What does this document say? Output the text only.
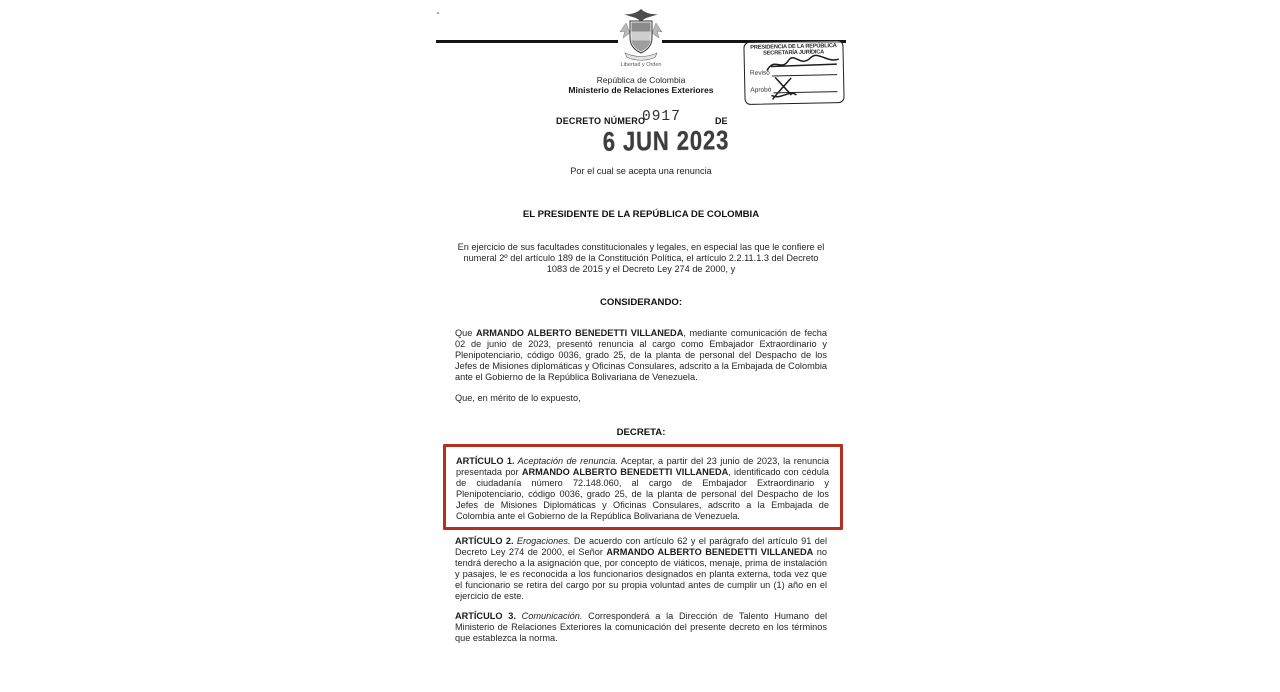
Libertad y Orden
República de Colombia
Ministerio de Relaciones Exteriores
PRESIDENCIA DE LA REPÚBLICA
SECRETARÍA JURÍDICA
Revisó
Aprobó
DECRETO NÚMERO
0917	DE
6 JUN 2023
Por el cual se acepta una renuncia
EL PRESIDENTE DE LA REPÚBLICA DE COLOMBIA

En ejercicio de sus facultades constitucionales y legales, en especial las que le confiere el numeral 2º del artículo 189 de la Constitución Política, el artículo 2.2.11.1.3 del Decreto 1083 de 2015 y el Decreto Ley 274 de 2000, y

CONSIDERANDO:

Que ARMANDO ALBERTO BENEDETTI VILLANEDA, mediante comunicación de fecha 02 de junio de 2023, presentó renuncia al cargo como Embajador Extraordinario y Plenipotenciario, código 0036, grado 25, de la planta de personal del Despacho de los Jefes de Misiones diplomáticas y Oficinas Consulares, adscrito a la Embajada de Colombia ante el Gobierno de la República Bolivariana de Venezuela.

Que, en mérito de lo expuesto,

DECRETA:

ARTÍCULO 1. Aceptación de renuncia. Aceptar, a partir del 23 junio de 2023, la renuncia presentada por ARMANDO ALBERTO BENEDETTI VILLANEDA, identificado con cédula de ciudadanía número 72.148.060, al cargo de Embajador Extraordinario y Plenipotenciario, código 0036, grado 25, de la planta de personal del Despacho de los Jefes de Misiones Diplomáticas y Oficinas Consulares, adscrito a la Embajada de Colombia ante el Gobierno de la República Bolivariana de Venezuela.

ARTÍCULO 2. Erogaciones. De acuerdo con artículo 62 y el parágrafo del artículo 91 del Decreto Ley 274 de 2000, el Señor ARMANDO ALBERTO BENEDETTI VILLANEDA no tendrá derecho a la asignación que, por concepto de viáticos, menaje, prima de instalación y pasajes, le es reconocida a los funcionarios designados en planta externa, toda vez que el funcionario se retira del cargo por su propia voluntad antes de cumplir un (1) año en el ejercicio de este.

ARTÍCULO 3. Comunicación. Corresponderá a la Dirección de Talento Humano del Ministerio de Relaciones Exteriores la comunicación del presente decreto en los términos que establezca la norma.
